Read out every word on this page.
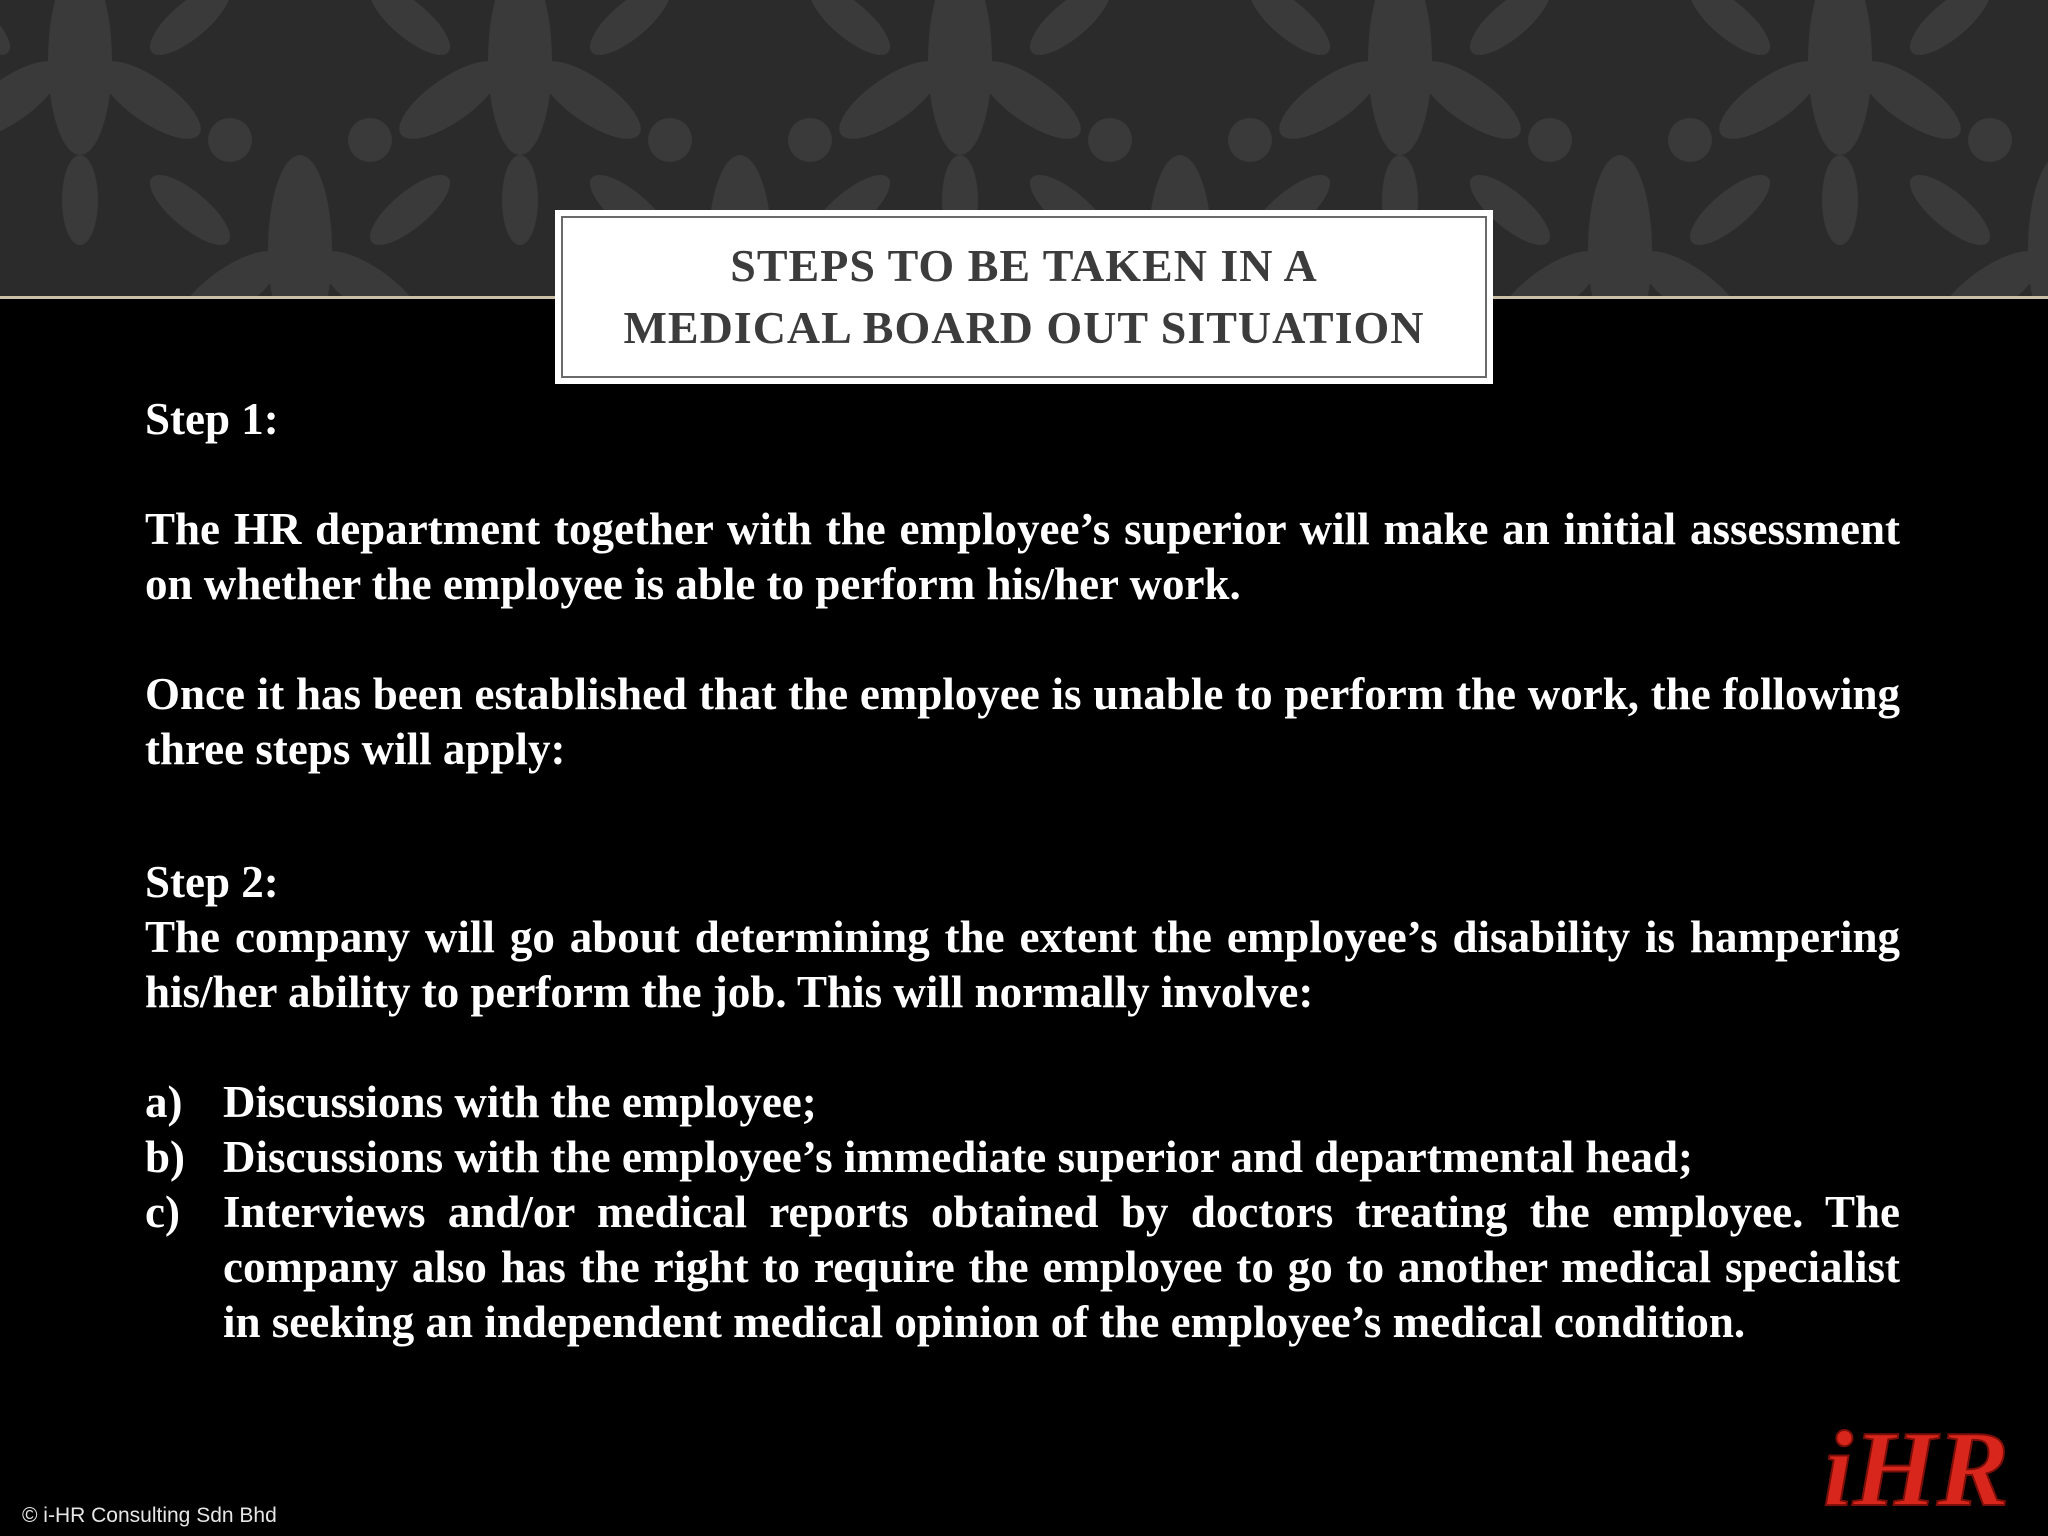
STEPS TO BE TAKEN IN A
MEDICAL BOARD OUT SITUATION

Step 1:

The HR department together with the employee’s superior will make an initial assessment on whether the employee is able to perform his/her work.

Once it has been established that the employee is unable to perform the work, the following three steps will apply:

Step 2:

The company will go about determining the extent the employee’s disability is hampering his/her ability to perform the job. This will normally involve:

a) Discussions with the employee;
b) Discussions with the employee’s immediate superior and departmental head;
c) Interviews and/or medical reports obtained by doctors treating the employee. The company also has the right to require the employee to go to another medical specialist in seeking an independent medical opinion of the employee’s medical condition.
iHR
© i-HR Consulting Sdn Bhd
